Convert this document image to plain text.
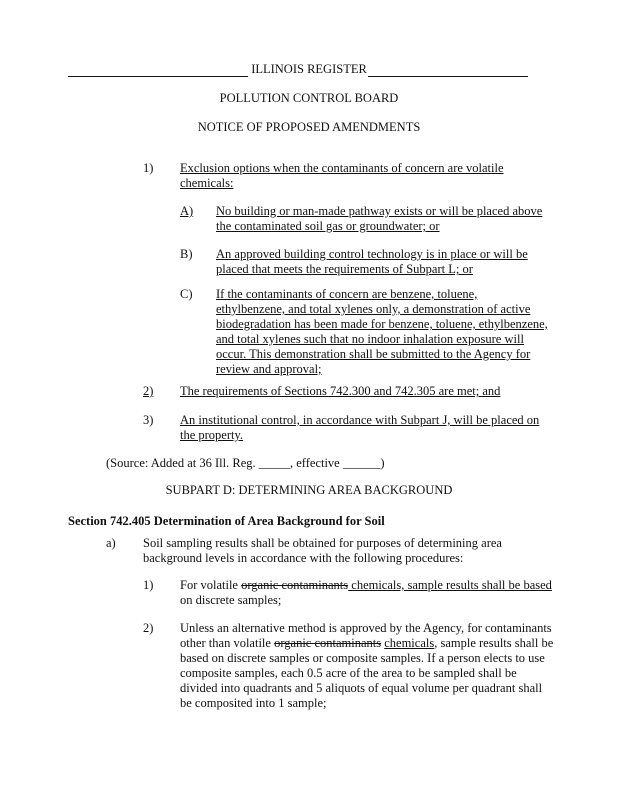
ILLINOIS REGISTER
POLLUTION CONTROL BOARD
NOTICE OF PROPOSED AMENDMENTS
1) Exclusion options when the contaminants of concern are volatile
chemicals:
A) No building or man-made pathway exists or will be placed above
the contaminated soil gas or groundwater; or
B) An approved building control technology is in place or will be
placed that meets the requirements of Subpart L; or
C) If the contaminants of concern are benzene, toluene,
ethylbenzene, and total xylenes only, a demonstration of active
biodegradation has been made for benzene, toluene, ethylbenzene,
and total xylenes such that no indoor inhalation exposure will
occur. This demonstration shall be submitted to the Agency for
review and approval;
2) The requirements of Sections 742.300 and 742.305 are met; and
3) An institutional control, in accordance with Subpart J, will be placed on
the property.
(Source: Added at 36 Ill. Reg. _____, effective ______)
SUBPART D: DETERMINING AREA BACKGROUND
Section 742.405 Determination of Area Background for Soil
a) Soil sampling results shall be obtained for purposes of determining area
background levels in accordance with the following procedures:
1) For volatile organic contaminants chemicals, sample results shall be based
on discrete samples;
2) Unless an alternative method is approved by the Agency, for contaminants
other than volatile organic contaminants chemicals, sample results shall be
based on discrete samples or composite samples. If a person elects to use
composite samples, each 0.5 acre of the area to be sampled shall be
divided into quadrants and 5 aliquots of equal volume per quadrant shall
be composited into 1 sample;
